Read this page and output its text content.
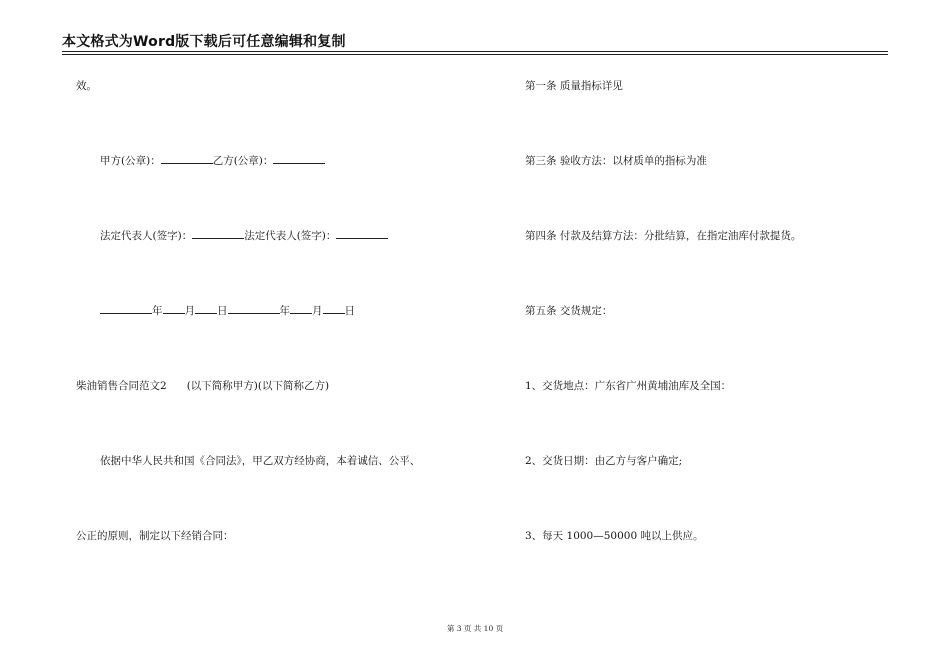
本文格式为Word版下载后可任意编辑和复制
效。
甲方(公章)：	乙方(公章)：
法定代表人(签字)：	法定代表人(签字)：
年 月 日	年 月 日
柴油销售合同范文2 (以下简称甲方)(以下简称乙方)
依据中华人民共和国《合同法》，甲乙双方经协商，本着诚信、公平、
公正的原则，制定以下经销合同：
第一条 质量指标详见
第三条 验收方法：以材质单的指标为准
第四条 付款及结算方法：分批结算，在指定油库付款提货。
第五条 交货规定：
1、交货地点：广东省广州黄埔油库及全国：
2、交货日期：由乙方与客户确定;
3、每天 1000—50000 吨以上供应。
第 3 页 共 10 页
